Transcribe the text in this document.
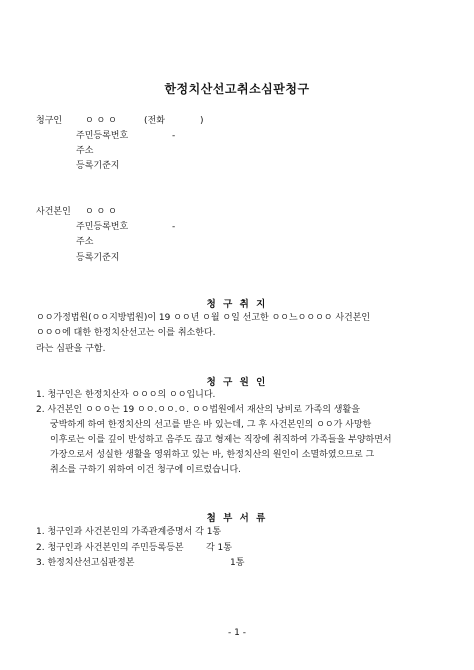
한정치산선고취소심판청구
청구인	ㅇ ㅇ ㅇ	(전화	)
주민등록번호	-
주소
등록기준지
사건본인 ㅇ ㅇ ㅇ
주민등록번호	-
주소
등록기준지
청 구 취 지
ㅇㅇ가정법원(ㅇㅇ지방법원)이 19 ㅇㅇ년 ㅇ월 ㅇ일 선고한 ㅇㅇ느ㅇㅇㅇㅇ 사건본인
ㅇㅇㅇ에 대한 한정치산선고는 이를 취소한다.
라는 심판을 구함.
청 구 원 인
1. 청구인은 한정치산자 ㅇㅇㅇ의 ㅇㅇ입니다.
2. 사건본인 ㅇㅇㅇ는 19 ㅇㅇ.ㅇㅇ.ㅇ. ㅇㅇ법원에서 재산의 낭비로 가족의 생활을
궁박하게 하여 한정치산의 선고를 받은 바 있는데, 그 후 사건본인의 ㅇㅇ가 사망한
이후로는 이를 깊이 반성하고 음주도 끊고 형제는 직장에 취직하여 가족들을 부양하면서
가장으로서 성실한 생활을 영위하고 있는 바, 한정치산의 원인이 소멸하였으므로 그
취소를 구하기 위하여 이건 청구에 이르렀습니다.
첨 부 서 류
1. 청구인과 사건본인의 가족관계증명서 각 1통
2. 청구인과 사건본인의 주민등록등본 각 1통
3. 한정치산선고심판정본	1통
- 1 -
